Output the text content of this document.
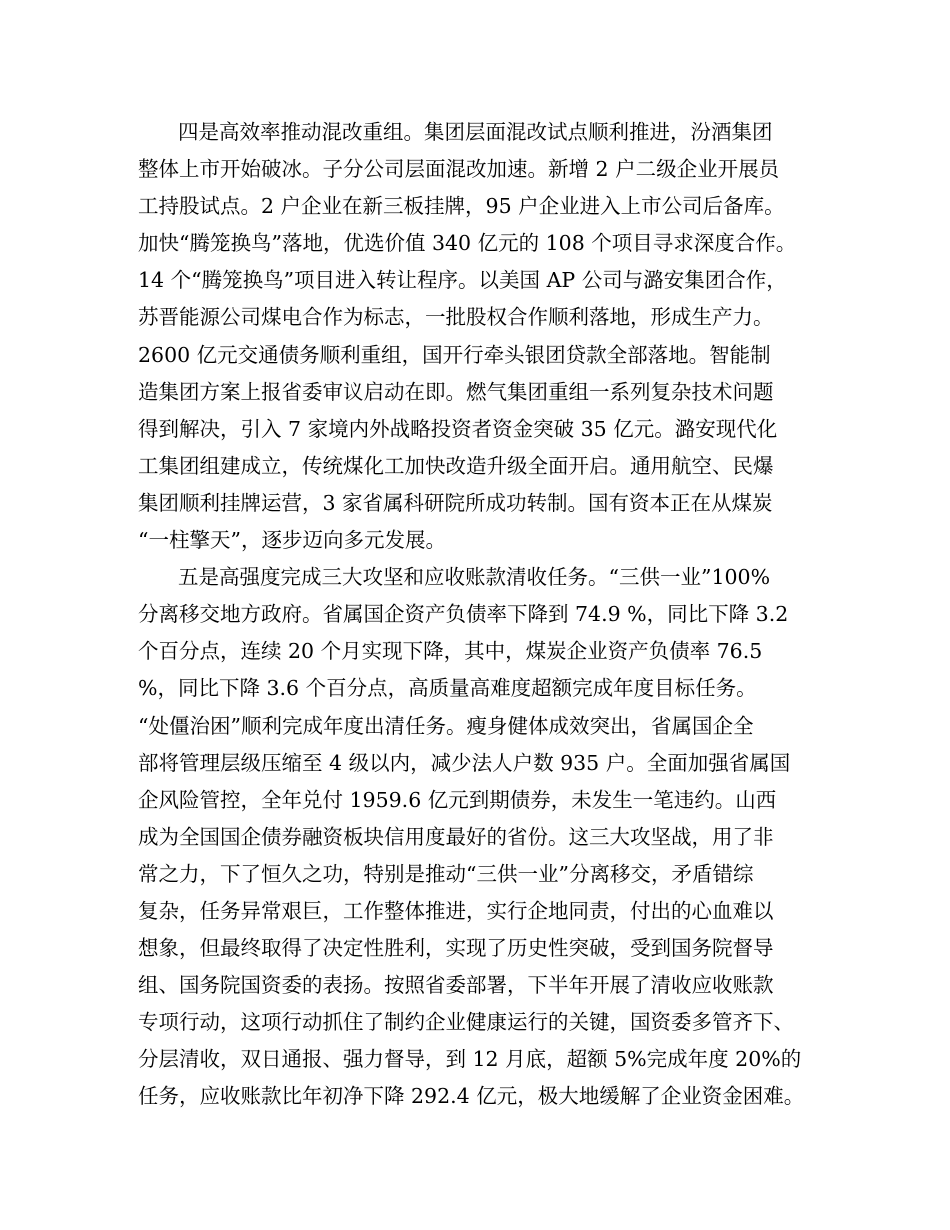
四是高效率推动混改重组。集团层面混改试点顺利推进，汾酒集团
整体上市开始破冰。子分公司层面混改加速。新增 2 户二级企业开展员
工持股试点。2 户企业在新三板挂牌，95 户企业进入上市公司后备库。
加快“腾笼换鸟”落地，优选价值 340 亿元的 108 个项目寻求深度合作。
14 个“腾笼换鸟”项目进入转让程序。以美国 AP 公司与潞安集团合作，
苏晋能源公司煤电合作为标志，一批股权合作顺利落地，形成生产力。
2600 亿元交通债务顺利重组，国开行牵头银团贷款全部落地。智能制
造集团方案上报省委审议启动在即。燃气集团重组一系列复杂技术问题
得到解决，引入 7 家境内外战略投资者资金突破 35 亿元。潞安现代化
工集团组建成立，传统煤化工加快改造升级全面开启。通用航空、民爆
集团顺利挂牌运营，3 家省属科研院所成功转制。国有资本正在从煤炭
“一柱擎天”，逐步迈向多元发展。
五是高强度完成三大攻坚和应收账款清收任务。“三供一业”100%
分离移交地方政府。省属国企资产负债率下降到 74.9 %，同比下降 3.2
个百分点，连续 20 个月实现下降，其中，煤炭企业资产负债率 76.5
%，同比下降 3.6 个百分点，高质量高难度超额完成年度目标任务。
“处僵治困”顺利完成年度出清任务。瘦身健体成效突出，省属国企全
部将管理层级压缩至 4 级以内，减少法人户数 935 户。全面加强省属国
企风险管控，全年兑付 1959.6 亿元到期债券，未发生一笔违约。山西
成为全国国企债券融资板块信用度最好的省份。这三大攻坚战，用了非
常之力，下了恒久之功，特别是推动“三供一业”分离移交，矛盾错综
复杂，任务异常艰巨，工作整体推进，实行企地同责，付出的心血难以
想象，但最终取得了决定性胜利，实现了历史性突破，受到国务院督导
组、国务院国资委的表扬。按照省委部署，下半年开展了清收应收账款
专项行动，这项行动抓住了制约企业健康运行的关键，国资委多管齐下、
分层清收，双日通报、强力督导，到 12 月底，超额 5%完成年度 20%的
任务，应收账款比年初净下降 292.4 亿元，极大地缓解了企业资金困难。
